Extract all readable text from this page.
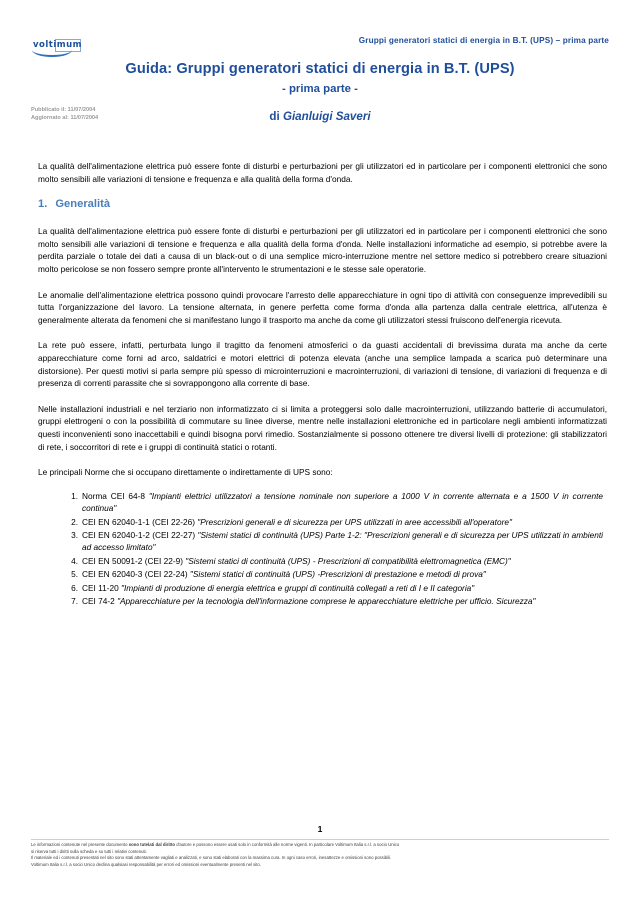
voltimum	Gruppi generatori statici di energia in B.T. (UPS) – prima parte
Guida: Gruppi generatori statici di energia in B.T. (UPS)
- prima parte -
Pubblicato il: 11/07/2004
Aggiornato al: 11/07/2004	di Gianluigi Saveri

La qualità dell'alimentazione elettrica può essere fonte di disturbi e perturbazioni per gli utilizzatori ed in particolare per i componenti elettronici che sono molto sensibili alle variazioni di tensione e frequenza e alla qualità della forma d'onda.

1. Generalità

La qualità dell'alimentazione elettrica può essere fonte di disturbi e perturbazioni per gli utilizzatori ed in particolare per i componenti elettronici che sono molto sensibili alle variazioni di tensione e frequenza e alla qualità della forma d'onda. Nelle installazioni informatiche ad esempio, si potrebbe avere la perdita parziale o totale dei dati a causa di un black-out o di una semplice micro-interruzione mentre nel settore medico si potrebbero creare situazioni molto pericolose se non fossero sempre pronte all'intervento le strumentazioni e le stesse sale operatorie.

Le anomalie dell'alimentazione elettrica possono quindi provocare l'arresto delle apparecchiature in ogni tipo di attività con conseguenze imprevedibili su tutta l'organizzazione del lavoro. La tensione alternata, in genere perfetta come forma d'onda alla partenza dalla centrale elettrica, all'utenza è generalmente alterata da fenomeni che si manifestano lungo il trasporto ma anche da come gli utilizzatori stessi fruiscono dell'energia ricevuta.

La rete può essere, infatti, perturbata lungo il tragitto da fenomeni atmosferici o da guasti accidentali di brevissima durata ma anche da certe apparecchiature come forni ad arco, saldatrici e motori elettrici di potenza elevata (anche una semplice lampada a scarica può determinare una distorsione). Per questi motivi si parla sempre più spesso di microinterruzioni e macrointerruzioni, di variazioni di tensione, di variazioni di frequenza e di presenza di correnti parassite che si sovrappongono alla corrente di base.

Nelle installazioni industriali e nel terziario non informatizzato ci si limita a proteggersi solo dalle macrointerruzioni, utilizzando batterie di accumulatori, gruppi elettrogeni o con la possibilità di commutare su linee diverse, mentre nelle installazioni elettroniche ed in particolare negli ambienti informatizzati questi inconvenienti sono inaccettabili e quindi bisogna porvi rimedio. Sostanzialmente si possono ottenere tre diversi livelli di protezione: gli stabilizzatori di rete, i soccorritori di rete e i gruppi di continuità statici o rotanti.

Le principali Norme che si occupano direttamente o indirettamente di UPS sono:

Norma CEI 64-8 "Impianti elettrici utilizzatori a tensione nominale non superiore a 1000 V in corrente alternata e a 1500 V in corrente continua"
CEI EN 62040-1-1 (CEI 22-26) "Prescrizioni generali e di sicurezza per UPS utilizzati in aree accessibili all'operatore"
CEI EN 62040-1-2 (CEI 22-27) "Sistemi statici di continuità (UPS) Parte 1-2: "Prescrizioni generali e di sicurezza per UPS utilizzati in ambienti ad accesso limitato"
CEI EN 50091-2 (CEI 22-9) "Sistemi statici di continuità (UPS) - Prescrizioni di compatibilità elettromagnetica (EMC)"
CEI EN 62040-3 (CEI 22-24) "Sistemi statici di continuità (UPS) -Prescrizioni di prestazione e metodi di prova"
CEI 11-20 "Impianti di produzione di energia elettrica e gruppi di continuità collegati a reti di I e II categoria"
CEI 74-2 "Apparecchiature per la tecnologia dell'informazione comprese le apparecchiature elettriche per ufficio. Sicurezza"
1
Le informazioni contenute nel presente documento sono tutelati dal diritto d'autore e possono essere usati solo in conformità alle norme vigenti. In particolare Voltimum Italia s.r.l. a socio Unico
si riserva tutti i diritti sulla scheda e su tutti i relativi contenuti.
Il materiale ed i contenuti presentati nel sito sono stati attentamente vagliati e analizzati, e sono stati elaborati con la massima cura. In ogni caso errori, inesattezze e omissioni sono possibili.
Voltimum Italia s.r.l. a socio Unico declina qualsiasi responsabilità per errori ed omissioni eventualmente presenti nel sito.
